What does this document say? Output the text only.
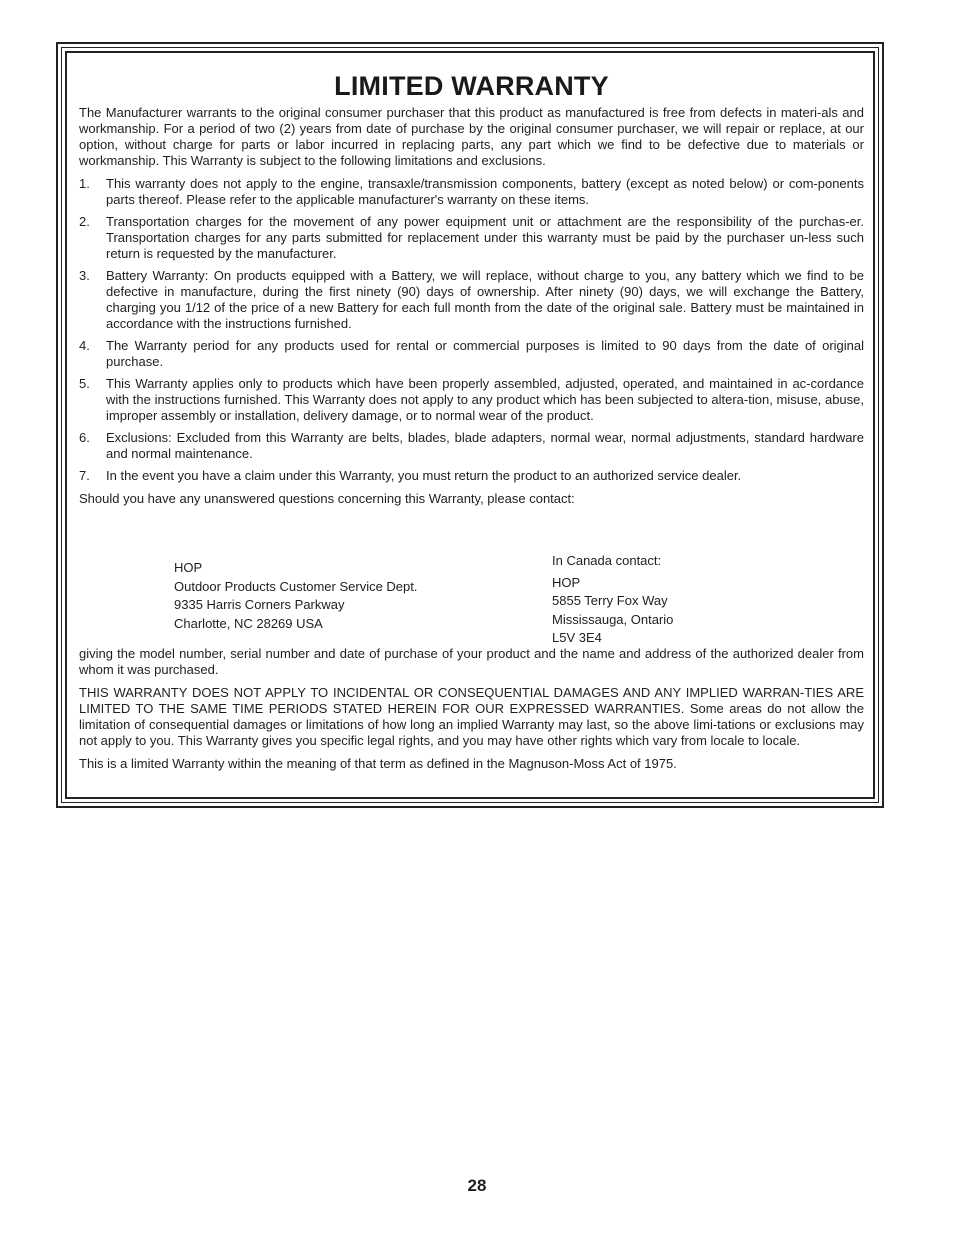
LIMITED WARRANTY

The Manufacturer warrants to the original consumer purchaser that this product as manufactured is free from defects in materi-als and workmanship. For a period of two (2) years from date of purchase by the original consumer purchaser, we will repair or replace, at our option, without charge for parts or labor incurred in replacing parts, any part which we find to be defective due to materials or workmanship. This Warranty is subject to the following limitations and exclusions.

1. This warranty does not apply to the engine, transaxle/transmission components, battery (except as noted below) or com-ponents parts thereof. Please refer to the applicable manufacturer's warranty on these items.
2. Transportation charges for the movement of any power equipment unit or attachment are the responsibility of the purchas-er. Transportation charges for any parts submitted for replacement under this warranty must be paid by the purchaser un-less such return is requested by the manufacturer.
3. Battery Warranty: On products equipped with a Battery, we will replace, without charge to you, any battery which we find to be defective in manufacture, during the first ninety (90) days of ownership. After ninety (90) days, we will exchange the Battery, charging you 1/12 of the price of a new Battery for each full month from the date of the original sale. Battery must be maintained in accordance with the instructions furnished.
4. The Warranty period for any products used for rental or commercial purposes is limited to 90 days from the date of original purchase.
5. This Warranty applies only to products which have been properly assembled, adjusted, operated, and maintained in ac-cordance with the instructions furnished. This Warranty does not apply to any product which has been subjected to altera-tion, misuse, abuse, improper assembly or installation, delivery damage, or to normal wear of the product.
6. Exclusions: Excluded from this Warranty are belts, blades, blade adapters, normal wear, normal adjustments, standard hardware and normal maintenance.
7. In the event you have a claim under this Warranty, you must return the product to an authorized service dealer.

Should you have any unanswered questions concerning this Warranty, please contact:

HOP
Outdoor Products Customer Service Dept.
9335 Harris Corners Parkway
Charlotte, NC 28269 USA
In Canada contact:
HOP
5855 Terry Fox Way
Mississauga, Ontario
L5V 3E4

giving the model number, serial number and date of purchase of your product and the name and address of the authorized dealer from whom it was purchased.

THIS WARRANTY DOES NOT APPLY TO INCIDENTAL OR CONSEQUENTIAL DAMAGES AND ANY IMPLIED WARRAN-TIES ARE LIMITED TO THE SAME TIME PERIODS STATED HEREIN FOR OUR EXPRESSED WARRANTIES. Some areas do not allow the limitation of consequential damages or limitations of how long an implied Warranty may last, so the above limi-tations or exclusions may not apply to you. This Warranty gives you specific legal rights, and you may have other rights which vary from locale to locale.

This is a limited Warranty within the meaning of that term as defined in the Magnuson-Moss Act of 1975.

28
